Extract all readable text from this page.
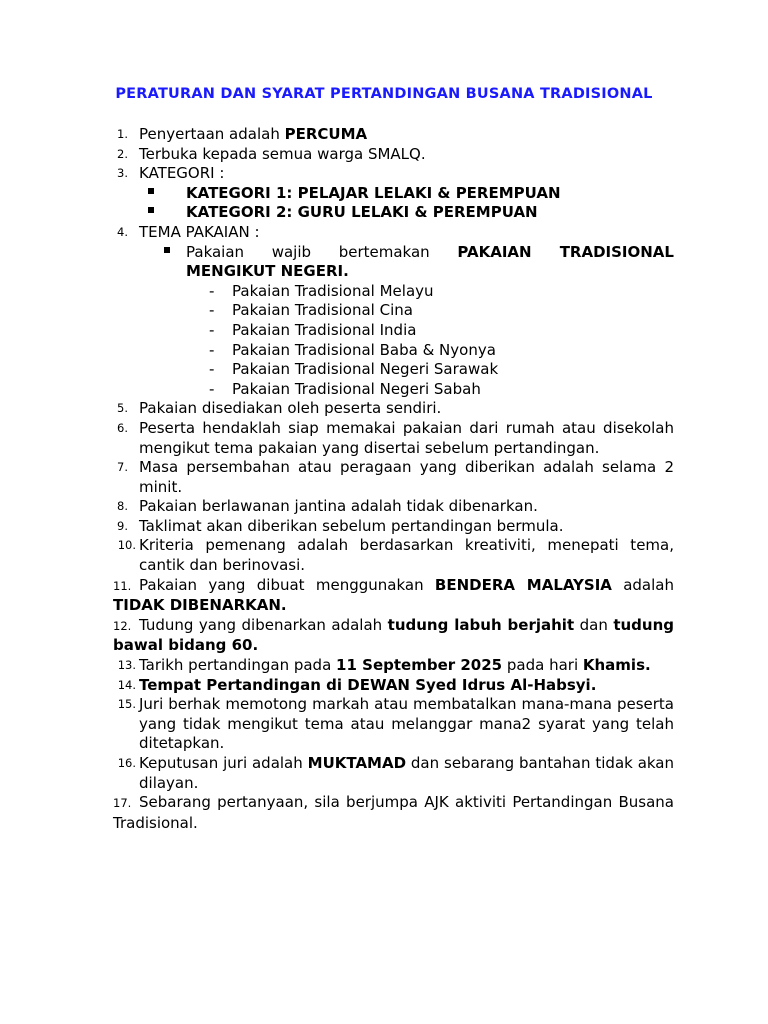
PERATURAN DAN SYARAT PERTANDINGAN BUSANA TRADISIONAL
1. Penyertaan adalah PERCUMA
2. Terbuka kepada semua warga SMALQ.
3. KATEGORI :
KATEGORI 1: PELAJAR LELAKI & PEREMPUAN
KATEGORI 2: GURU LELAKI & PEREMPUAN
4. TEMA PAKAIAN :
Pakaian wajib bertemakan PAKAIAN TRADISIONAL MENGIKUT NEGERI.
- Pakaian Tradisional Melayu
- Pakaian Tradisional Cina
- Pakaian Tradisional India
- Pakaian Tradisional Baba & Nyonya
- Pakaian Tradisional Negeri Sarawak
- Pakaian Tradisional Negeri Sabah
5. Pakaian disediakan oleh peserta sendiri.
6. Peserta hendaklah siap memakai pakaian dari rumah atau disekolah mengikut tema pakaian yang disertai sebelum pertandingan.
7. Masa persembahan atau peragaan yang diberikan adalah selama 2 minit.
8. Pakaian berlawanan jantina adalah tidak dibenarkan.
9. Taklimat akan diberikan sebelum pertandingan bermula.
10. Kriteria pemenang adalah berdasarkan kreativiti, menepati tema, cantik dan berinovasi.
11. Pakaian yang dibuat menggunakan BENDERA MALAYSIA adalah TIDAK DIBENARKAN.
12. Tudung yang dibenarkan adalah tudung labuh berjahit dan tudung bawal bidang 60.
13. Tarikh pertandingan pada 11 September 2025 pada hari Khamis.
14. Tempat Pertandingan di DEWAN Syed Idrus Al-Habsyi.
15. Juri berhak memotong markah atau membatalkan mana-mana peserta yang tidak mengikut tema atau melanggar mana2 syarat yang telah ditetapkan.
16. Keputusan juri adalah MUKTAMAD dan sebarang bantahan tidak akan dilayan.
17. Sebarang pertanyaan, sila berjumpa AJK aktiviti Pertandingan Busana Tradisional.
